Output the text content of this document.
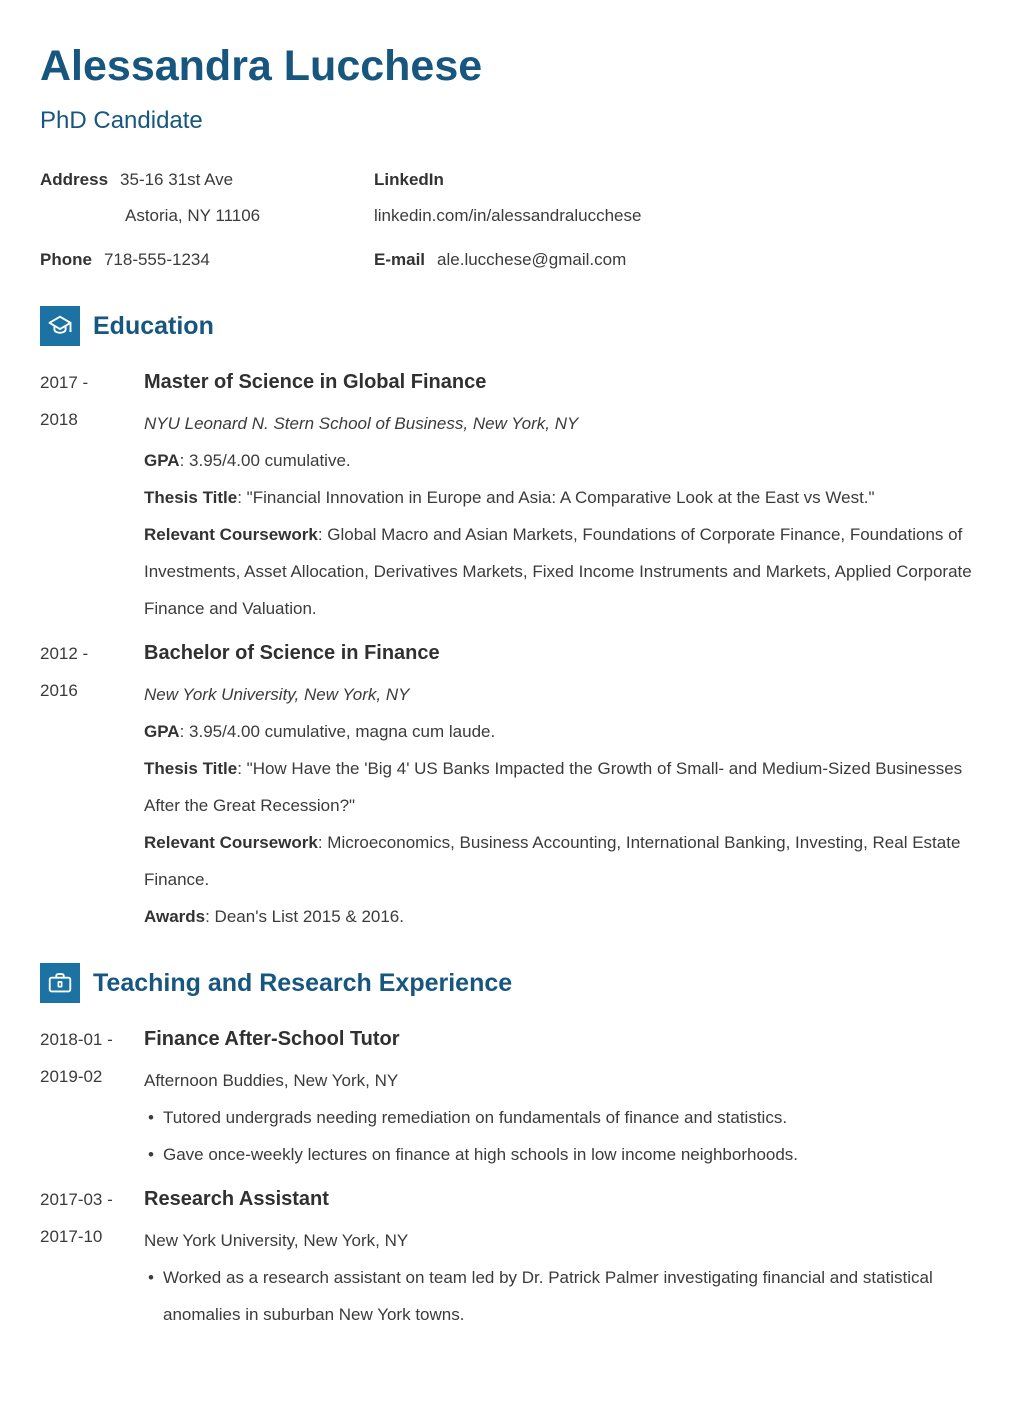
Alessandra Lucchese
PhD Candidate
Address 35-16 31st Ave
Astoria, NY 11106
Phone 718-555-1234
LinkedIn
linkedin.com/in/alessandralucchese
E-mail ale.lucchese@gmail.com
Education
2017 -
2018
Master of Science in Global Finance

NYU Leonard N. Stern School of Business, New York, NY

GPA: 3.95/4.00 cumulative.

Thesis Title: "Financial Innovation in Europe and Asia: A Comparative Look at the East vs West."

Relevant Coursework: Global Macro and Asian Markets, Foundations of Corporate Finance, Foundations of Investments, Asset Allocation, Derivatives Markets, Fixed Income Instruments and Markets, Applied Corporate Finance and Valuation.

2012 -
2016
Bachelor of Science in Finance

New York University, New York, NY

GPA: 3.95/4.00 cumulative, magna cum laude.

Thesis Title: "How Have the 'Big 4' US Banks Impacted the Growth of Small- and Medium-Sized Businesses After the Great Recession?"

Relevant Coursework: Microeconomics, Business Accounting, International Banking, Investing, Real Estate Finance.

Awards: Dean's List 2015 & 2016.

Teaching and Research Experience
2018-01 -
2019-02
Finance After-School Tutor

Afternoon Buddies, New York, NY

• Tutored undergrads needing remediation on fundamentals of finance and statistics.
• Gave once-weekly lectures on finance at high schools in low income neighborhoods.
2017-03 -
2017-10
Research Assistant

New York University, New York, NY

• Worked as a research assistant on team led by Dr. Patrick Palmer investigating financial and statistical anomalies in suburban New York towns.
